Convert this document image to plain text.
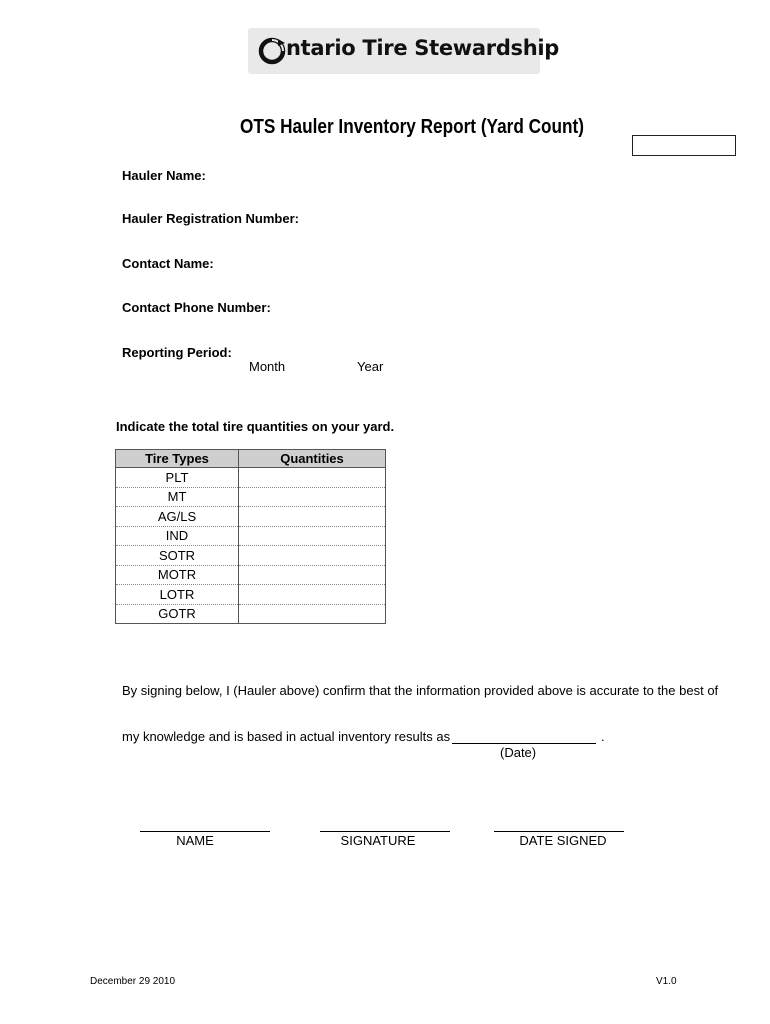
ntario Tire Stewardship
OTS Hauler Inventory Report (Yard Count)
Hauler Name:
Hauler Registration Number:
Contact Name:
Contact Phone Number:
Reporting Period:
Month	Year
Indicate the total tire quantities on your yard.
Tire Types	Quantities
PLT	
MT	
AG/LS	
IND	
SOTR	
MOTR	
LOTR	
GOTR	
By signing below, I (Hauler above) confirm that the information provided above is accurate to the best of
my knowledge and is based in actual inventory results as	.
(Date)
NAME	SIGNATURE	DATE SIGNED
December 29 2010	V1.0
